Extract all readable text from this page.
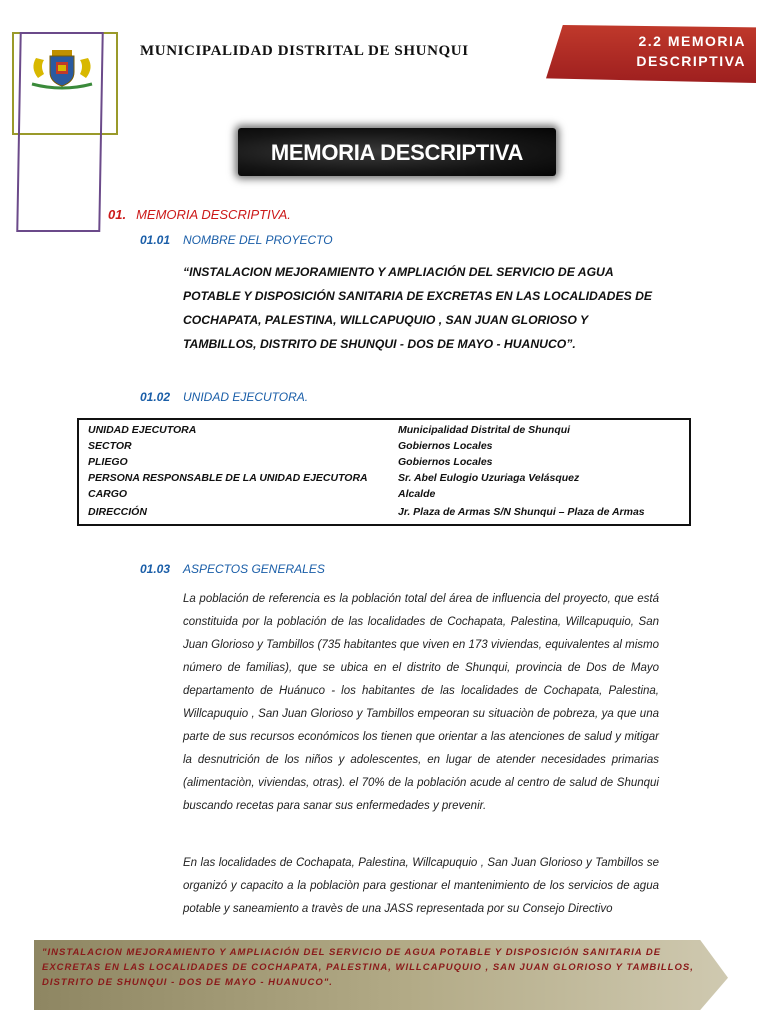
MUNICIPALIDAD DISTRITAL DE SHUNQUI
2.2 MEMORIA
DESCRIPTIVA
MEMORIA DESCRIPTIVA
01. MEMORIA DESCRIPTIVA.
01.01 NOMBRE DEL PROYECTO
“INSTALACION MEJORAMIENTO Y AMPLIACIÓN DEL SERVICIO DE AGUA POTABLE Y DISPOSICIÓN SANITARIA DE EXCRETAS EN LAS LOCALIDADES DE COCHAPATA, PALESTINA, WILLCAPUQUIO , SAN JUAN GLORIOSO Y TAMBILLOS, DISTRITO DE SHUNQUI - DOS DE MAYO - HUANUCO”.
01.02 UNIDAD EJECUTORA.
UNIDAD EJECUTORA	Municipalidad Distrital de Shunqui
SECTOR	Gobiernos Locales
PLIEGO	Gobiernos Locales
PERSONA RESPONSABLE DE LA UNIDAD EJECUTORA	Sr. Abel Eulogio Uzuriaga Velásquez
CARGO	Alcalde
DIRECCIÓN	Jr. Plaza de Armas S/N Shunqui – Plaza de Armas
01.03 ASPECTOS GENERALES
La población de referencia es la población total del área de influencia del proyecto, que está constituida por la población de las localidades de Cochapata, Palestina, Willcapuquio, San Juan Glorioso y Tambillos (735 habitantes que viven en 173 viviendas, equivalentes al mismo número de familias), que se ubica en el distrito de Shunqui, provincia de Dos de Mayo departamento de Huánuco - los habitantes de las localidades de Cochapata, Palestina, Willcapuquio , San Juan Glorioso y Tambillos empeoran su situaciòn de pobreza, ya que una parte de sus recursos económicos los tienen que orientar a las atenciones de salud y mitigar la desnutrición de los niños y adolescentes, en lugar de atender necesidades primarias (alimentaciòn, viviendas, otras). el 70% de la población acude al centro de salud de Shunqui buscando recetas para sanar sus enfermedades y prevenir.
En las localidades de Cochapata, Palestina, Willcapuquio , San Juan Glorioso y Tambillos se organizó y capacito a la poblaciòn para gestionar el mantenimiento de los servicios de agua potable y saneamiento a travès de una JASS representada por su Consejo Directivo
"INSTALACION MEJORAMIENTO Y AMPLIACIÓN DEL SERVICIO DE AGUA POTABLE Y DISPOSICIÓN SANITARIA DE EXCRETAS EN LAS LOCALIDADES DE COCHAPATA, PALESTINA, WILLCAPUQUIO , SAN JUAN GLORIOSO Y TAMBILLOS, DISTRITO DE SHUNQUI - DOS DE MAYO - HUANUCO".
